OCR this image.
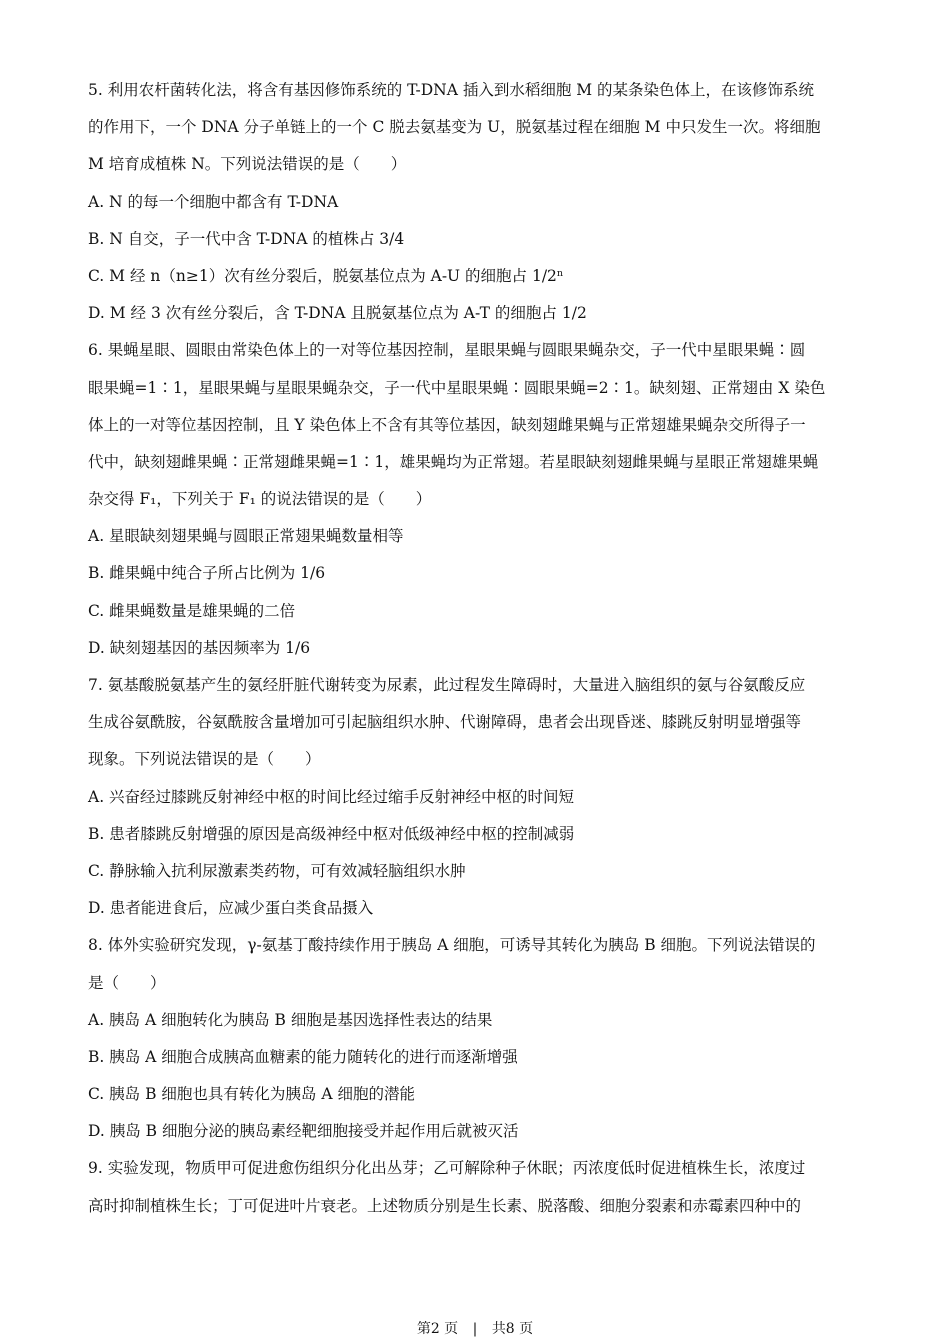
5. 利用农杆菌转化法，将含有基因修饰系统的 T-DNA 插入到水稻细胞 M 的某条染色体上，在该修饰系统
的作用下，一个 DNA 分子单链上的一个 C 脱去氨基变为 U，脱氨基过程在细胞 M 中只发生一次。将细胞
M 培育成植株 N。下列说法错误的是（　　）
A. N 的每一个细胞中都含有 T-DNA
B. N 自交，子一代中含 T-DNA 的植株占 3/4
C. M 经 n（n≥1）次有丝分裂后，脱氨基位点为 A-U 的细胞占 1/2ⁿ
D. M 经 3 次有丝分裂后，含 T-DNA 且脱氨基位点为 A-T 的细胞占 1/2
6. 果蝇星眼、圆眼由常染色体上的一对等位基因控制，星眼果蝇与圆眼果蝇杂交，子一代中星眼果蝇∶圆
眼果蝇=1∶1，星眼果蝇与星眼果蝇杂交，子一代中星眼果蝇∶圆眼果蝇=2∶1。缺刻翅、正常翅由 X 染色
体上的一对等位基因控制，且 Y 染色体上不含有其等位基因，缺刻翅雌果蝇与正常翅雄果蝇杂交所得子一
代中，缺刻翅雌果蝇∶正常翅雌果蝇=1∶1，雄果蝇均为正常翅。若星眼缺刻翅雌果蝇与星眼正常翅雄果蝇
杂交得 F₁，下列关于 F₁ 的说法错误的是（　　）
A. 星眼缺刻翅果蝇与圆眼正常翅果蝇数量相等
B. 雌果蝇中纯合子所占比例为 1/6
C. 雌果蝇数量是雄果蝇的二倍
D. 缺刻翅基因的基因频率为 1/6
7. 氨基酸脱氨基产生的氨经肝脏代谢转变为尿素，此过程发生障碍时，大量进入脑组织的氨与谷氨酸反应
生成谷氨酰胺，谷氨酰胺含量增加可引起脑组织水肿、代谢障碍，患者会出现昏迷、膝跳反射明显增强等
现象。下列说法错误的是（　　）
A. 兴奋经过膝跳反射神经中枢的时间比经过缩手反射神经中枢的时间短
B. 患者膝跳反射增强的原因是高级神经中枢对低级神经中枢的控制减弱
C. 静脉输入抗利尿激素类药物，可有效减轻脑组织水肿
D. 患者能进食后，应减少蛋白类食品摄入
8. 体外实验研究发现，γ-氨基丁酸持续作用于胰岛 A 细胞，可诱导其转化为胰岛 B 细胞。下列说法错误的
是（　　）
A. 胰岛 A 细胞转化为胰岛 B 细胞是基因选择性表达的结果
B. 胰岛 A 细胞合成胰高血糖素的能力随转化的进行而逐渐增强
C. 胰岛 B 细胞也具有转化为胰岛 A 细胞的潜能
D. 胰岛 B 细胞分泌的胰岛素经靶细胞接受并起作用后就被灭活
9. 实验发现，物质甲可促进愈伤组织分化出丛芽；乙可解除种子休眠；丙浓度低时促进植株生长，浓度过
高时抑制植株生长；丁可促进叶片衰老。上述物质分别是生长素、脱落酸、细胞分裂素和赤霉素四种中的
第2 页 | 共8 页
